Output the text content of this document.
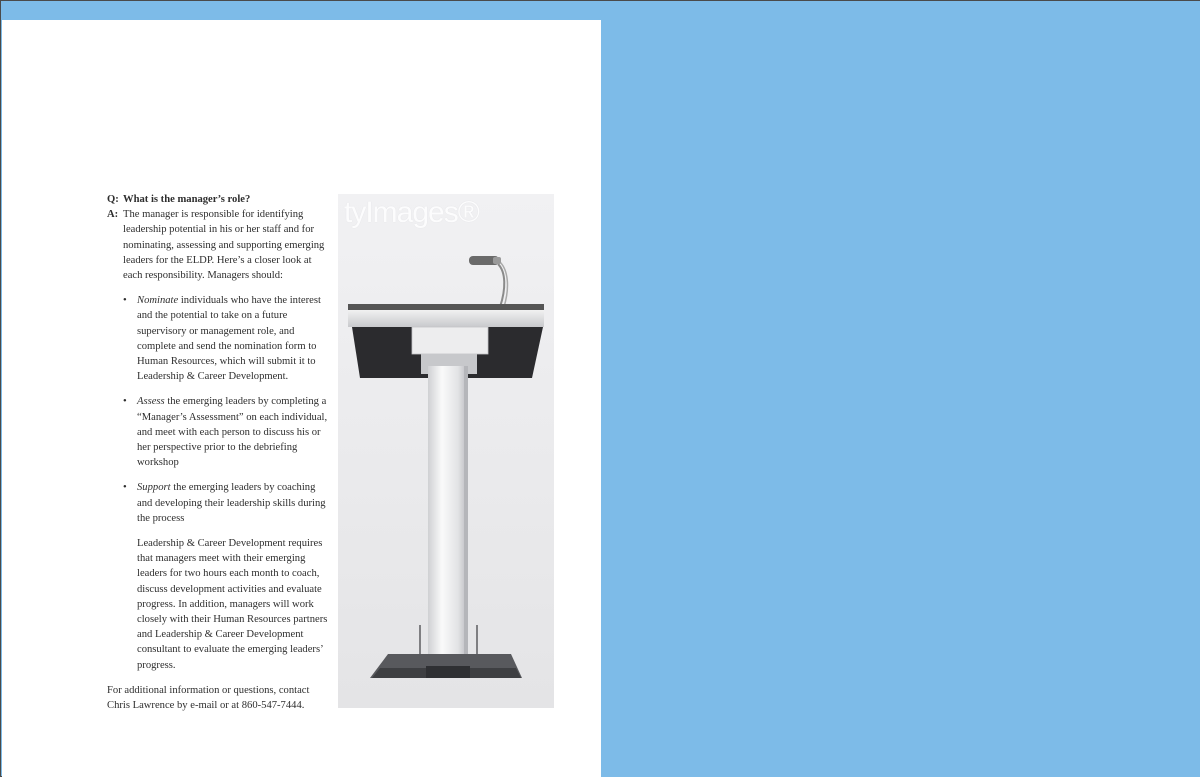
Q: What is the manager’s role?
A: The manager is responsible for identifying leadership potential in his or her staff and for nominating, assessing and supporting emerging leaders for the ELDP. Here’s a closer look at each responsibility. Managers should:
• Nominate individuals who have the interest and the potential to take on a future supervisory or management role, and complete and send the nomination form to Human Resources, which will submit it to Leadership & Career Development.
• Assess the emerging leaders by completing a “Manager’s Assessment” on each individual, and meet with each person to discuss his or her perspective prior to the debriefing workshop
• Support the emerging leaders by coaching and developing their leadership skills during the process

Leadership & Career Development requires that managers meet with their emerging leaders for two hours each month to coach, discuss development activities and evaluate progress. In addition, managers will work closely with their Human Resources partners and Leadership & Career Development consultant to evaluate the emerging leaders’ progress.

For additional information or questions, contact Chris Lawrence by e-mail or at 860-547-7444.

tyImages®
